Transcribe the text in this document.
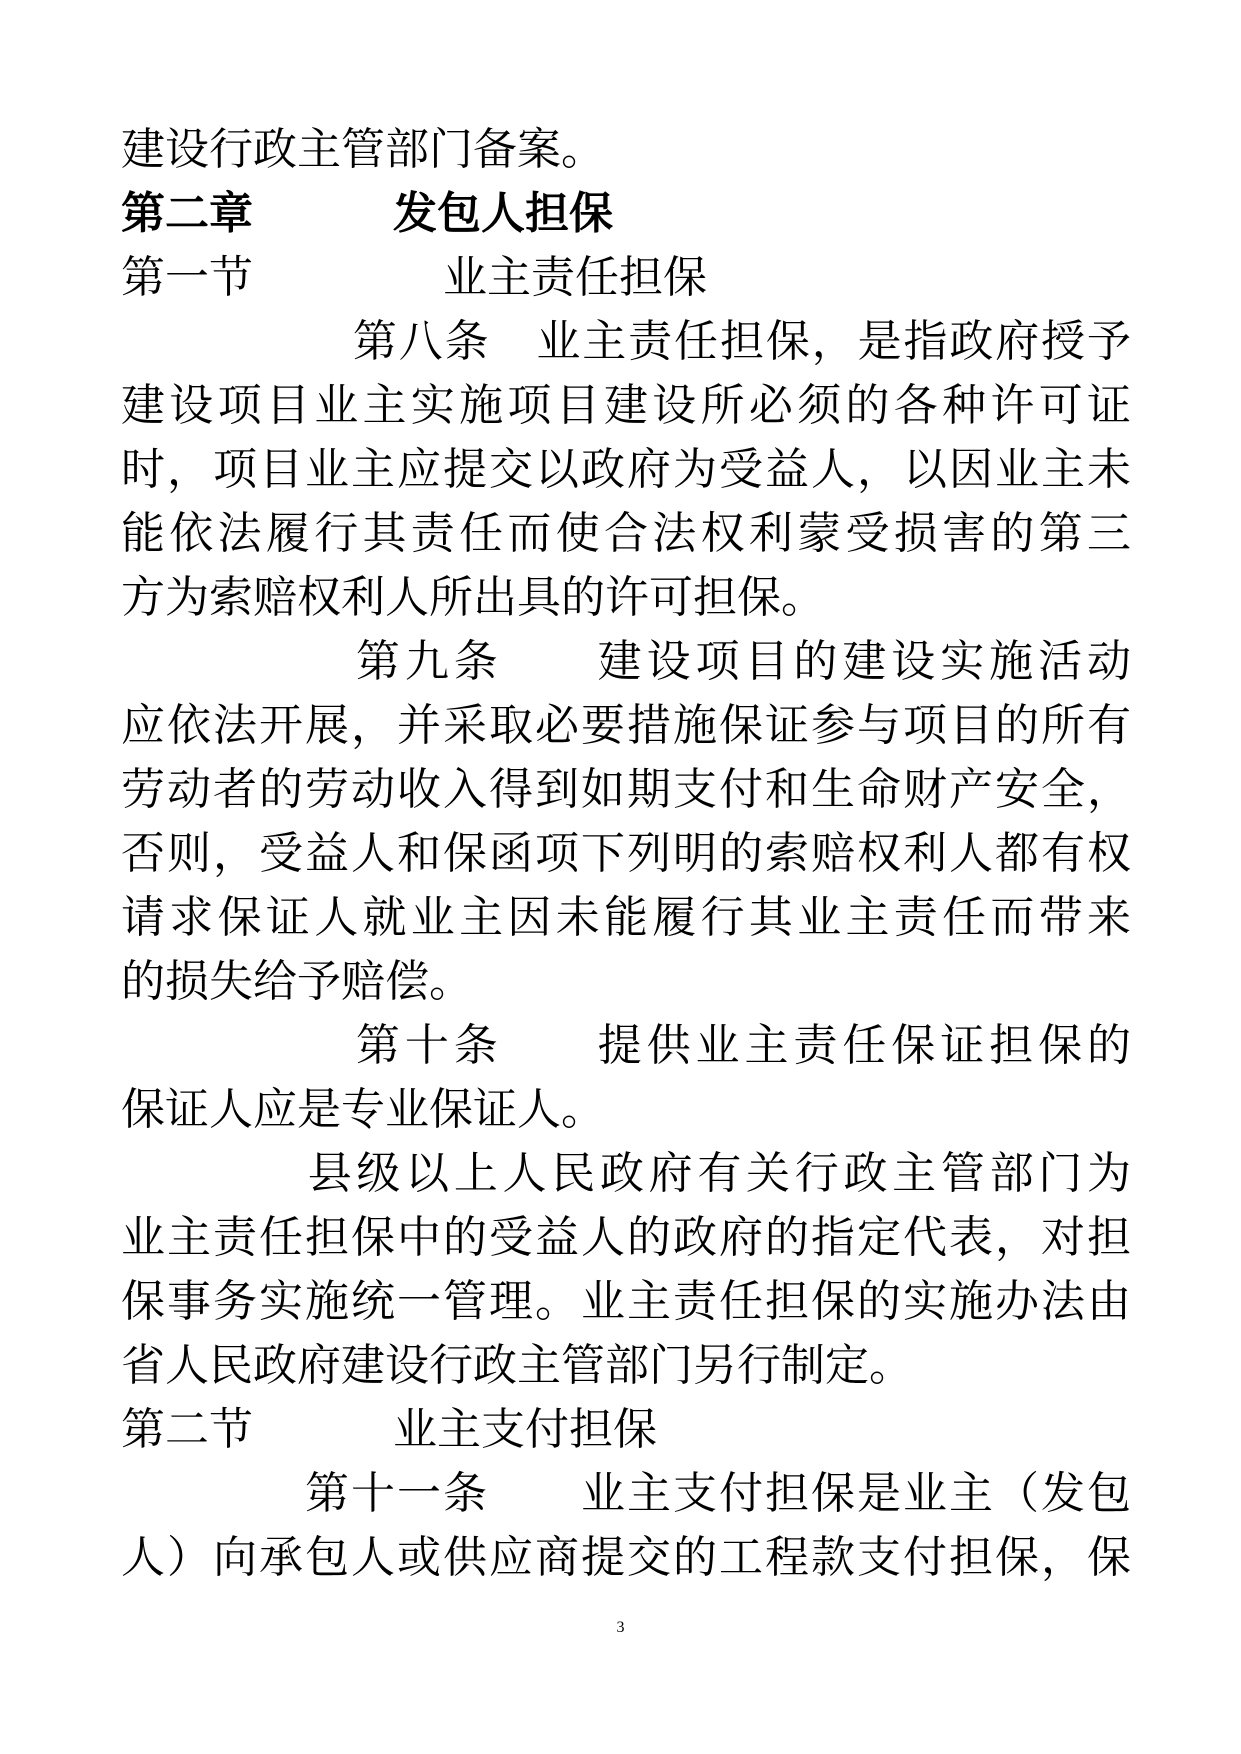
建设行政主管部门备案。

第二章	发包人担保

第一节	业主责任担保

第八条 业主责任担保，是指政府授予

建设项目业主实施项目建设所必须的各种许可证

时，项目业主应提交以政府为受益人，以因业主未

能依法履行其责任而使合法权利蒙受损害的第三

方为索赔权利人所出具的许可担保。

第九条 建设项目的建设实施活动

应依法开展，并采取必要措施保证参与项目的所有

劳动者的劳动收入得到如期支付和生命财产安全，

否则，受益人和保函项下列明的索赔权利人都有权

请求保证人就业主因未能履行其业主责任而带来

的损失给予赔偿。

第十条 提供业主责任保证担保的

保证人应是专业保证人。

县级以上人民政府有关行政主管部门为

业主责任担保中的受益人的政府的指定代表，对担

保事务实施统一管理。业主责任担保的实施办法由

省人民政府建设行政主管部门另行制定。

第二节	业主支付担保

第十一条 业主支付担保是业主（发包

人）向承包人或供应商提交的工程款支付担保，保

3
